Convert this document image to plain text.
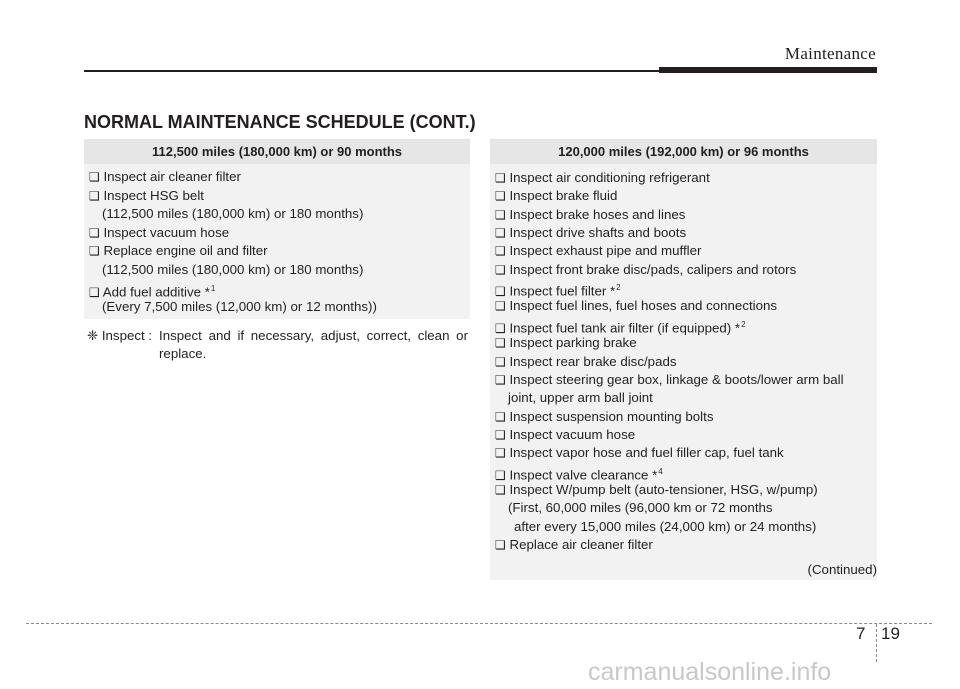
Maintenance
NORMAL MAINTENANCE SCHEDULE (CONT.)
112,500 miles (180,000 km) or 90 months
❑ Inspect air cleaner filter
❑ Inspect HSG belt
(112,500 miles (180,000 km) or 180 months)
❑ Inspect vacuum hose
❑ Replace engine oil and filter
(112,500 miles (180,000 km) or 180 months)
❑ Add fuel additive *$^1$
(Every 7,500 miles (12,000 km) or 12 months))
❈ Inspect : Inspect and if necessary, adjust, correct, clean or replace.
120,000 miles (192,000 km) or 96 months
❑ Inspect air conditioning refrigerant
❑ Inspect brake fluid
❑ Inspect brake hoses and lines
❑ Inspect drive shafts and boots
❑ Inspect exhaust pipe and muffler
❑ Inspect front brake disc/pads, calipers and rotors
❑ Inspect fuel filter *$^2$
❑ Inspect fuel lines, fuel hoses and connections
❑ Inspect fuel tank air filter (if equipped) *$^2$
❑ Inspect parking brake
❑ Inspect rear brake disc/pads
❑ Inspect steering gear box, linkage & boots/lower arm ball
joint, upper arm ball joint
❑ Inspect suspension mounting bolts
❑ Inspect vacuum hose
❑ Inspect vapor hose and fuel filler cap, fuel tank
❑ Inspect valve clearance *$^4$
❑ Inspect W/pump belt (auto-tensioner, HSG, w/pump)
(First, 60,000 miles (96,000 km or 72 months
after every 15,000 miles (24,000 km) or 24 months)
❑ Replace air cleaner filter
(Continued)
7 19
carmanualsonline.info
